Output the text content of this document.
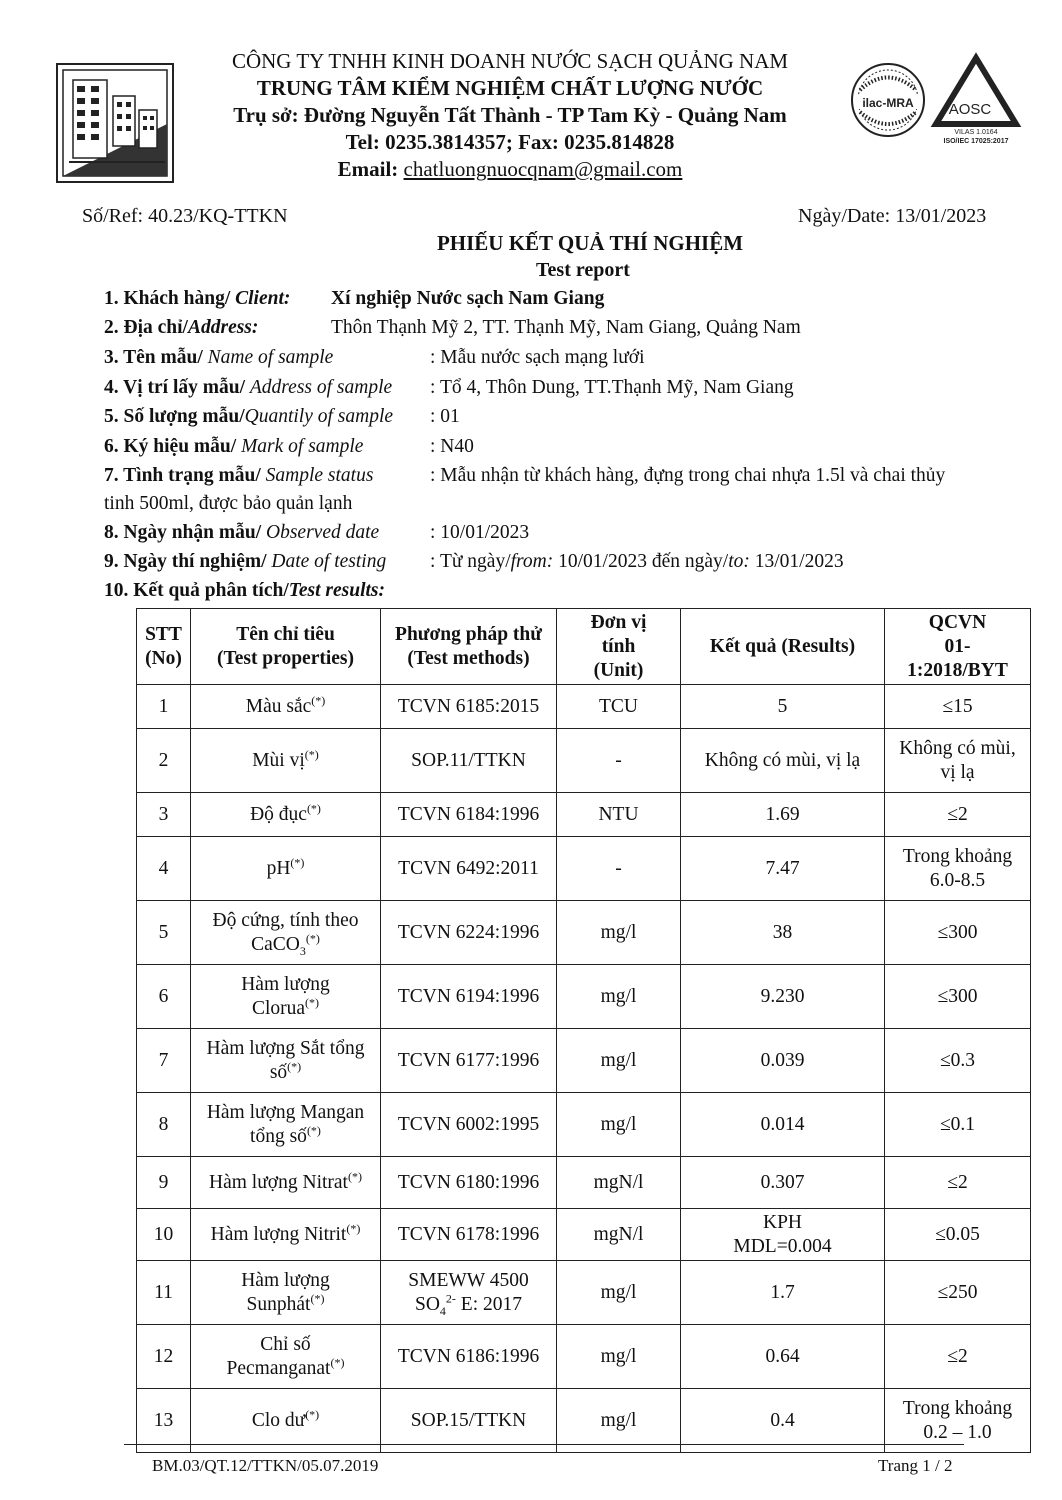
CÔNG TY TNHH KINH DOANH NƯỚC SẠCH QUẢNG NAM
TRUNG TÂM KIỂM NGHIỆM CHẤT LƯỢNG NƯỚC
Trụ sở: Đường Nguyễn Tất Thành - TP Tam Kỳ - Quảng Nam
Tel: 0235.3814357; Fax: 0235.814828
Email: chatluongnuocqnam@gmail.com
ilac-MRA AOSC
VILAS 1.0164
ISO/IEC 17025:2017
Số/Ref: 40.23/KQ-TTKN	Ngày/Date: 13/01/2023
PHIẾU KẾT QUẢ THÍ NGHIỆM
Test report
1. Khách hàng/ Client: Xí nghiệp Nước sạch Nam Giang
2. Địa chỉ/Address:	Thôn Thạnh Mỹ 2, TT. Thạnh Mỹ, Nam Giang, Quảng Nam
3. Tên mẫu/ Name of sample	: Mẫu nước sạch mạng lưới
4. Vị trí lấy mẫu/ Address of sample : Tổ 4, Thôn Dung, TT.Thạnh Mỹ, Nam Giang
5. Số lượng mẫu/Quantily of sample : 01
6. Ký hiệu mẫu/ Mark of sample	: N40
7. Tình trạng mẫu/ Sample status	: Mẫu nhận từ khách hàng, đựng trong chai nhựa 1.5l và chai thủy
tinh 500ml, được bảo quản lạnh
8. Ngày nhận mẫu/ Observed date	: 10/01/2023
9. Ngày thí nghiệm/ Date of testing : Từ ngày/from: 10/01/2023 đến ngày/to: 13/01/2023
10. Kết quả phân tích/Test results:
STT
(No)	Tên chỉ tiêu
(Test properties)	Phương pháp thử
(Test methods)	Đơn vị
tính
(Unit)	Kết quả (Results)	QCVN
01-
1:2018/BYT
1	Màu sắc(*)	TCVN 6185:2015	TCU	5	≤15
2	Mùi vị(*)	SOP.11/TTKN	-	Không có mùi, vị lạ	Không có mùi,
vị lạ
3	Độ đục(*)	TCVN 6184:1996	NTU	1.69	≤2
4	pH(*)	TCVN 6492:2011	-	7.47	Trong khoảng
6.0-8.5
5	Độ cứng, tính theo
CaCO$_3$(*)	TCVN 6224:1996	mg/l	38	≤300
6	Hàm lượng
Clorua(*)	TCVN 6194:1996	mg/l	9.230	≤300
7	Hàm lượng Sắt tổng
số(*)	TCVN 6177:1996	mg/l	0.039	≤0.3
8	Hàm lượng Mangan
tổng số(*)	TCVN 6002:1995	mg/l	0.014	≤0.1
9	Hàm lượng Nitrat(*)	TCVN 6180:1996	mgN/l	0.307	≤2
10	Hàm lượng Nitrit(*)	TCVN 6178:1996	mgN/l	KPH
MDL=0.004	≤0.05
11	Hàm lượng
Sunphát(*)	SMEWW 4500
$SO_4^{2-}$ E: 2017	mg/l	1.7	≤250
12	Chỉ số
Pecmanganat(*)	TCVN 6186:1996	mg/l	0.64	≤2
13	Clo dư(*)	SOP.15/TTKN	mg/l	0.4	Trong khoảng
0.2 – 1.0
BM.03/QT.12/TTKN/05.07.2019	Trang 1 / 2
